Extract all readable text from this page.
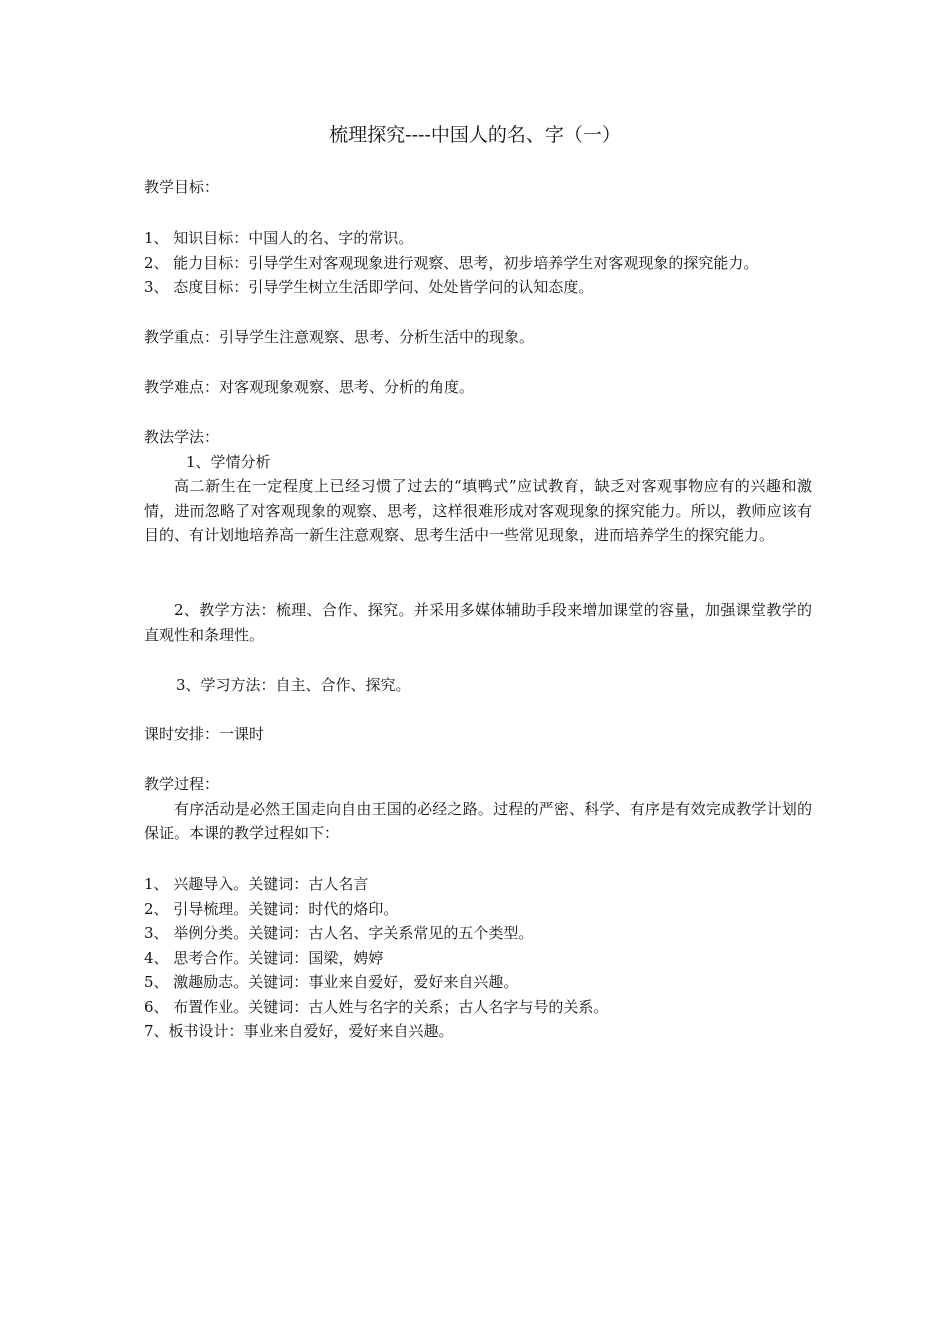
梳理探究----中国人的名、字（一）
教学目标：
1、 知识目标：中国人的名、字的常识。
2、 能力目标：引导学生对客观现象进行观察、思考，初步培养学生对客观现象的探究能力。
3、 态度目标：引导学生树立生活即学问、处处皆学问的认知态度。
教学重点：引导学生注意观察、思考、分析生活中的现象。
教学难点：对客观现象观察、思考、分析的角度。
教法学法：
1、学情分析
高二新生在一定程度上已经习惯了过去的“填鸭式”应试教育，缺乏对客观事物应有的兴趣和激情，进而忽略了对客观现象的观察、思考，这样很难形成对客观现象的探究能力。所以，教师应该有目的、有计划地培养高一新生注意观察、思考生活中一些常见现象，进而培养学生的探究能力。
2、教学方法：梳理、合作、探究。并采用多媒体辅助手段来增加课堂的容量，加强课堂教学的直观性和条理性。
3、学习方法：自主、合作、探究。
课时安排：一课时
教学过程：
有序活动是必然王国走向自由王国的必经之路。过程的严密、科学、有序是有效完成教学计划的保证。本课的教学过程如下：
1、 兴趣导入。关键词：古人名言
2、 引导梳理。关键词：时代的烙印。
3、 举例分类。关键词：古人名、字关系常见的五个类型。
4、 思考合作。关键词：国梁，娉婷
5、 激趣励志。关键词：事业来自爱好，爱好来自兴趣。
6、 布置作业。关键词：古人姓与名字的关系；古人名字与号的关系。
7、板书设计：事业来自爱好，爱好来自兴趣。
